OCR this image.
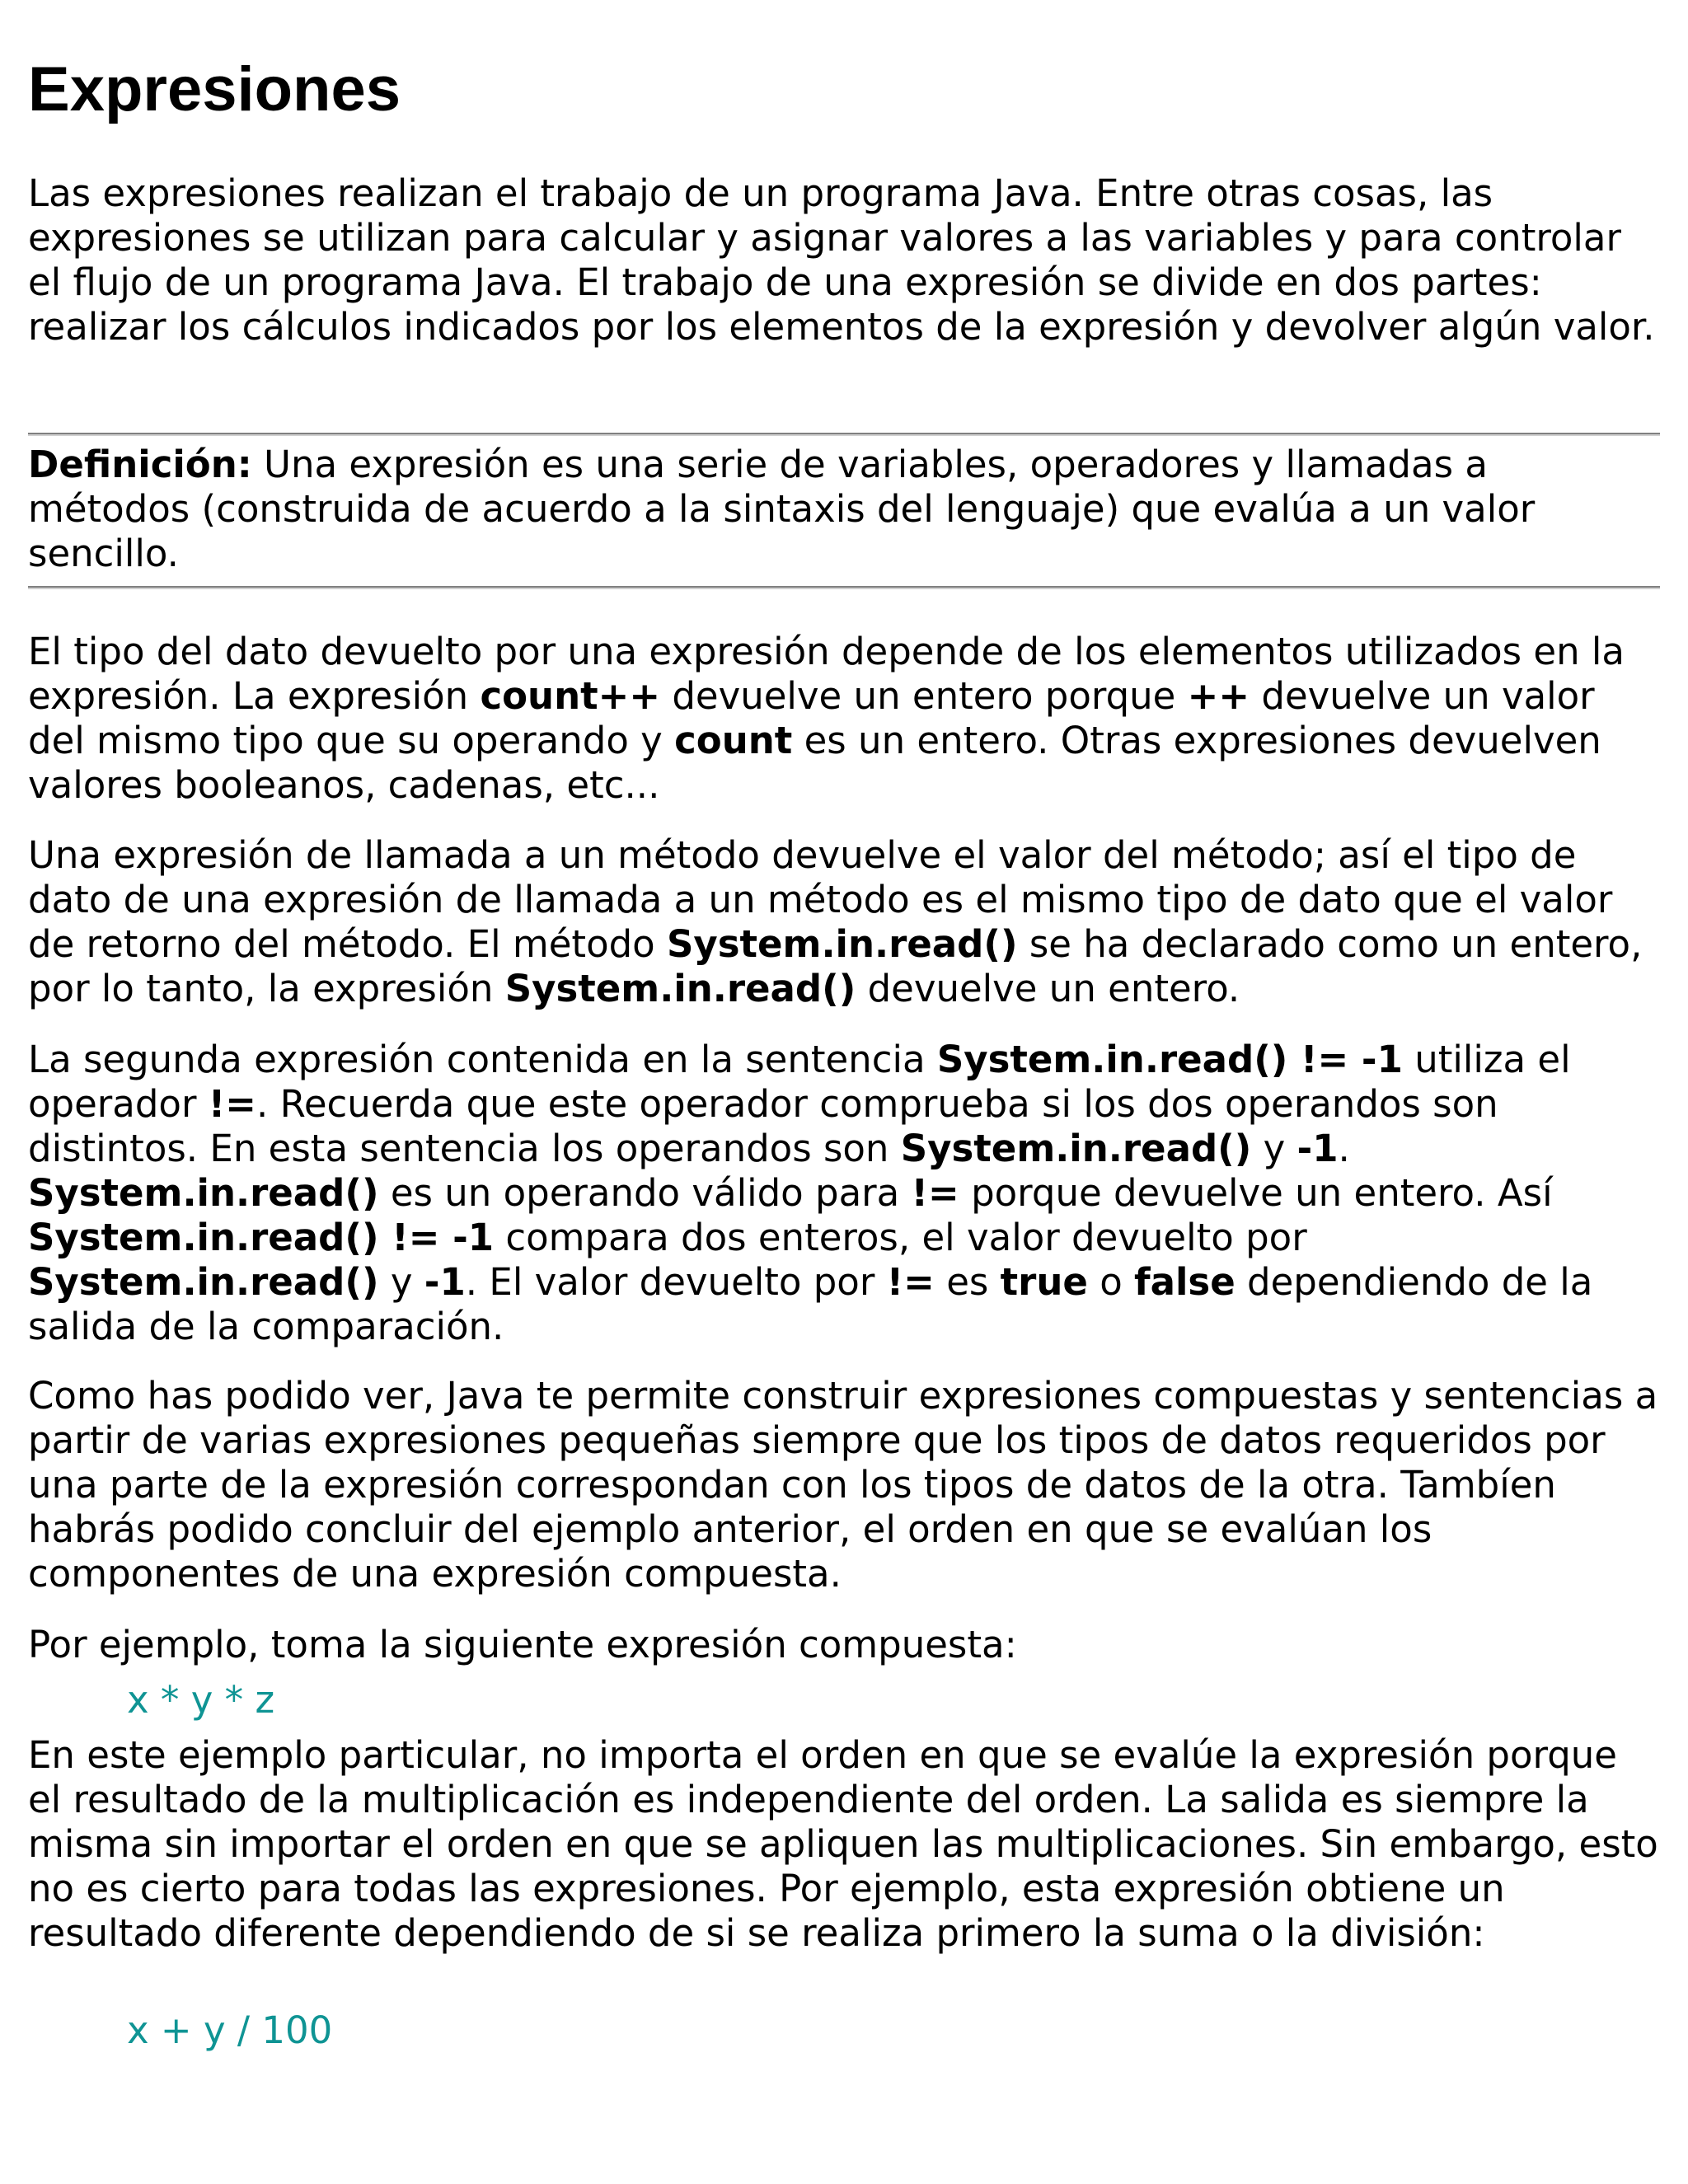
Expresiones

Las expresiones realizan el trabajo de un programa Java. Entre otras cosas, las expresiones se utilizan para calcular y asignar valores a las variables y para controlar el flujo de un programa Java. El trabajo de una expresión se divide en dos partes: realizar los cálculos indicados por los elementos de la expresión y devolver algún valor.

Definición: Una expresión es una serie de variables, operadores y llamadas a métodos (construida de acuerdo a la sintaxis del lenguaje) que evalúa a un valor sencillo.

El tipo del dato devuelto por una expresión depende de los elementos utilizados en la expresión. La expresión count++ devuelve un entero porque ++ devuelve un valor del mismo tipo que su operando y count es un entero. Otras expresiones devuelven valores booleanos, cadenas, etc...

Una expresión de llamada a un método devuelve el valor del método; así el tipo de dato de una expresión de llamada a un método es el mismo tipo de dato que el valor de retorno del método. El método System.in.read() se ha declarado como un entero, por lo tanto, la expresión System.in.read() devuelve un entero.

La segunda expresión contenida en la sentencia System.in.read() != -1 utiliza el operador !=. Recuerda que este operador comprueba si los dos operandos son distintos. En esta sentencia los operandos son System.in.read() y -1.
System.in.read() es un operando válido para != porque devuelve un entero. Así
System.in.read() != -1 compara dos enteros, el valor devuelto por
System.in.read() y -1. El valor devuelto por != es true o false dependiendo de la salida de la comparación.

Como has podido ver, Java te permite construir expresiones compuestas y sentencias a partir de varias expresiones pequeñas siempre que los tipos de datos requeridos por una parte de la expresión correspondan con los tipos de datos de la otra. Tambíen habrás podido concluir del ejemplo anterior, el orden en que se evalúan los componentes de una expresión compuesta.

Por ejemplo, toma la siguiente expresión compuesta:

x * y * z

En este ejemplo particular, no importa el orden en que se evalúe la expresión porque el resultado de la multiplicación es independiente del orden. La salida es siempre la misma sin importar el orden en que se apliquen las multiplicaciones. Sin embargo, esto no es cierto para todas las expresiones. Por ejemplo, esta expresión obtiene un resultado diferente dependiendo de si se realiza primero la suma o la división:

x + y / 100
